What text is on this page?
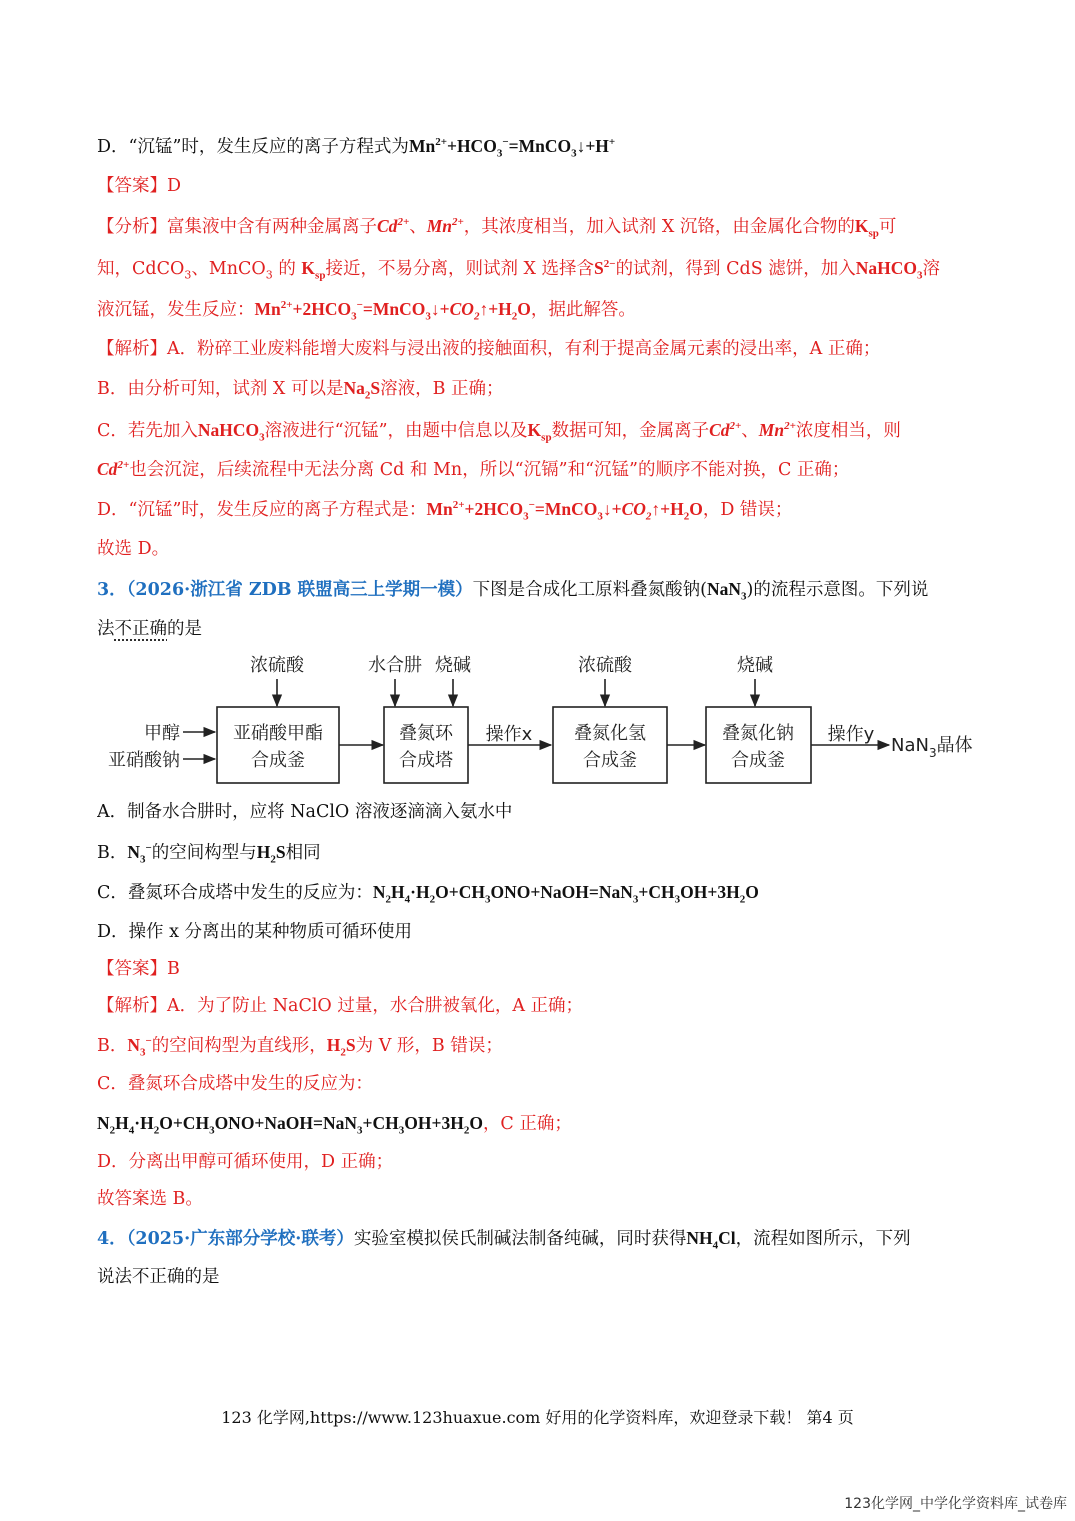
D．“沉锰”时，发生反应的离子方程式为$Mn^{2+}+HCO_3^-=MnCO_3↓+H^+$
【答案】D
【分析】富集液中含有两种金属离子$Cd^{2+}$、$Mn^{2+}$，其浓度相当，加入试剂 X 沉铬，由金属化合物的$K_{sp}$可
知，CdCO$_3$、MnCO$_3$ 的 $K_{sp}$接近，不易分离，则试剂 X 选择含$S^{2-}$的试剂，得到 CdS 滤饼，加入NaHCO$_3$溶
液沉锰，发生反应：$Mn^{2+}+2HCO_3^-=MnCO_3↓+CO_2↑+H_2O$，据此解答。
【解析】A．粉碎工业废料能增大废料与浸出液的接触面积，有利于提高金属元素的浸出率，A 正确；
B．由分析可知，试剂 X 可以是$Na_2S$溶液，B 正确；
C．若先加入NaHCO$_3$溶液进行“沉锰”，由题中信息以及$K_{sp}$数据可知，金属离子$Cd^{2+}$、$Mn^{2+}$浓度相当，则
$Cd^{2+}$也会沉淀，后续流程中无法分离 Cd 和 Mn，所以“沉镉”和“沉锰”的顺序不能对换，C 正确；
D．“沉锰”时，发生反应的离子方程式是：$Mn^{2+}+2HCO_3^-=MnCO_3↓+CO_2↑+H_2O$，D 错误；
故选 D。
3．（2026·浙江省 ZDB 联盟高三上学期一模）下图是合成化工原料叠氮酸钠(NaN$_3$)的流程示意图。下列说
法不正确的是
浓硫酸	水合肼 烧碱	浓硫酸	烧碱
甲醇
亚硝酸钠
亚硝酸甲酯
合成釜
叠氮环
合成塔
操作x 叠氮化氢
合成釜
叠氮化钠
合成釜
操作y
NaN$_3$晶体
A．制备水合肼时，应将 NaClO 溶液逐滴滴入氨水中
B．$N_3^-$的空间构型与$H_2S$相同
C．叠氮环合成塔中发生的反应为：$N_2H_4\cdot H_2O+CH_3ONO+NaOH=NaN_3+CH_3OH+3H_2O$
D．操作 x 分离出的某种物质可循环使用
【答案】B
【解析】A．为了防止 NaClO 过量，水合肼被氧化，A 正确；
B．$N_3^-$的空间构型为直线形，$H_2S$为 V 形，B 错误；
C．叠氮环合成塔中发生的反应为：
$N_2H_4\cdot H_2O+CH_3ONO+NaOH=NaN_3+CH_3OH+3H_2O$，C 正确；
D．分离出甲醇可循环使用，D 正确；
故答案选 B。
4．（2025·广东部分学校·联考）实验室模拟侯氏制碱法制备纯碱，同时获得$NH_4Cl$，流程如图所示，下列
说法不正确的是
123 化学网,https://www.123huaxue.com 好用的化学资料库，欢迎登录下载！ 第4 页
123化学网_中学化学资料库_试卷库
